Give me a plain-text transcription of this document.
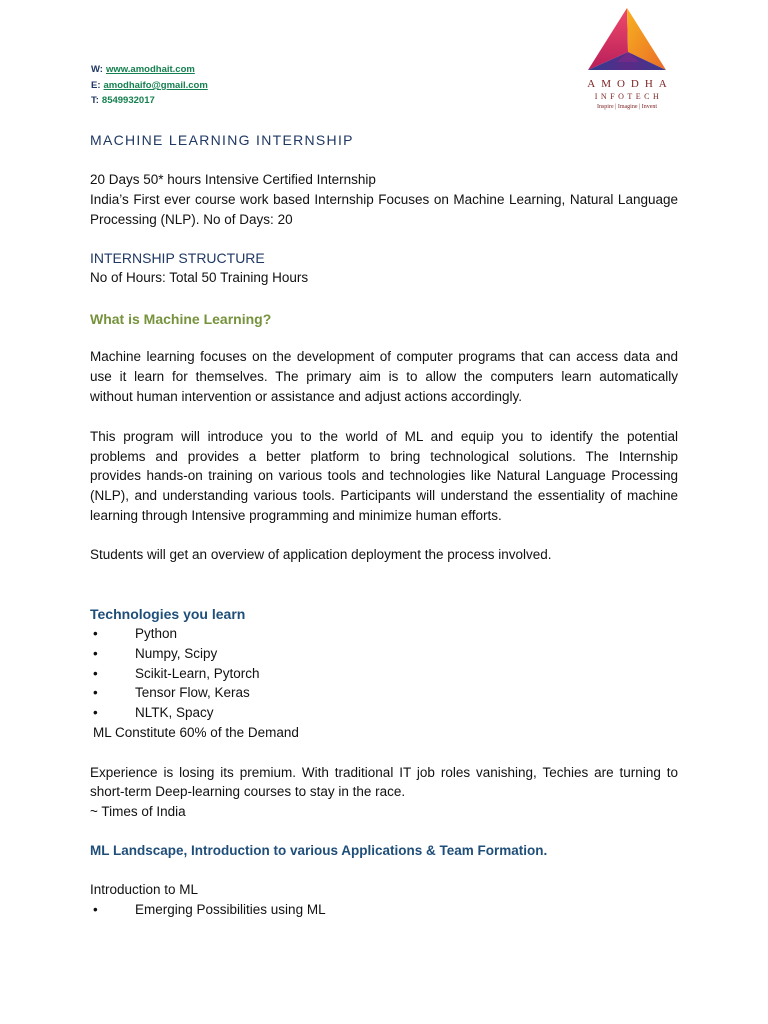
W: www.amodhait.com
E: amodhaifo@gmail.com
T: 8549932017
AMODHA
INFOTECH
Inspire | Imagine | Invent
MACHINE LEARNING INTERNSHIP
20 Days 50* hours Intensive Certified Internship
India’s First ever course work based Internship Focuses on Machine Learning, Natural Language
Processing (NLP). No of Days: 20
INTERNSHIP STRUCTURE
No of Hours: Total 50 Training Hours
What is Machine Learning?
Machine learning focuses on the development of computer programs that can access data and
use it learn for themselves. The primary aim is to allow the computers learn automatically
without human intervention or assistance and adjust actions accordingly.
This program will introduce you to the world of ML and equip you to identify the potential
problems and provides a better platform to bring technological solutions. The Internship
provides hands-on training on various tools and technologies like Natural Language Processing
(NLP), and understanding various tools. Participants will understand the essentiality of machine
learning through Intensive programming and minimize human efforts.
Students will get an overview of application deployment the process involved.
Technologies you learn
• Python
• Numpy, Scipy
• Scikit-Learn, Pytorch
• Tensor Flow, Keras
• NLTK, Spacy
ML Constitute 60% of the Demand
Experience is losing its premium. With traditional IT job roles vanishing, Techies are turning to
short-term Deep-learning courses to stay in the race.
~ Times of India
ML Landscape, Introduction to various Applications & Team Formation.
Introduction to ML
• Emerging Possibilities using ML
